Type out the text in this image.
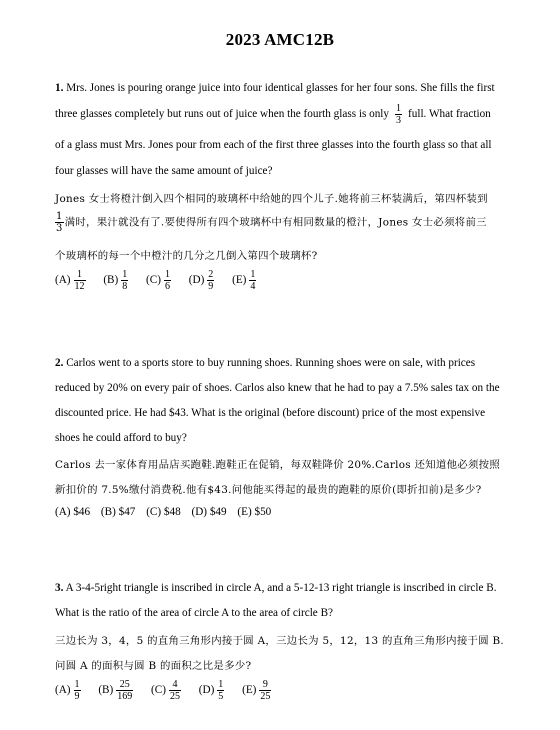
2023 AMC12B
1. Mrs. Jones is pouring orange juice into four identical glasses for her four sons. She fills the first
three glasses completely but runs out of juice when the fourth glass is only $\frac{1}{3}$ full. What fraction
of a glass must Mrs. Jones pour from each of the first three glasses into the fourth glass so that all
four glasses will have the same amount of juice?
Jones 女士将橙汁倒入四个相同的玻璃杯中给她的四个儿子.她将前三杯装满后，第四杯装到
$\frac{1}{3}$ 满时，果汁就没有了.要使得所有四个玻璃杯中有相同数量的橙汁，Jones 女士必须将前三
个玻璃杯的每一个中橙汁的几分之几倒入第四个玻璃杯?
$(A) \frac{1}{12} (B) \frac{1}{8} (C) \frac{1}{6} (D) \frac{2}{9} (E) \frac{1}{4}$
2. Carlos went to a sports store to buy running shoes. Running shoes were on sale, with prices
reduced by 20% on every pair of shoes. Carlos also knew that he had to pay a 7.5% sales tax on the
discounted price. He had $43. What is the original (before discount) price of the most expensive
shoes he could afford to buy?
Carlos 去一家体育用品店买跑鞋.跑鞋正在促销，每双鞋降价 20%.Carlos 还知道他必须按照
新扣价的 7.5%缴付消费税.他有$43.问他能买得起的最贵的跑鞋的原价(即折扣前)是多少?
(A) $46 (B) $47 (C) $48 (D) $49 (E) $50
3. A 3-4-5right triangle is inscribed in circle A, and a 5-12-13 right triangle is inscribed in circle B.
What is the ratio of the area of circle A to the area of circle B?
三边长为 3，4，5 的直角三角形内接于圆 A，三边长为 5，12，13 的直角三角形内接于圆 B.
问圆 A 的面积与圆 B 的面积之比是多少?
$(A) \frac{1}{9} (B) \frac{25}{169} (C) \frac{4}{25} (D) \frac{1}{5} (E) \frac{9}{25}$
